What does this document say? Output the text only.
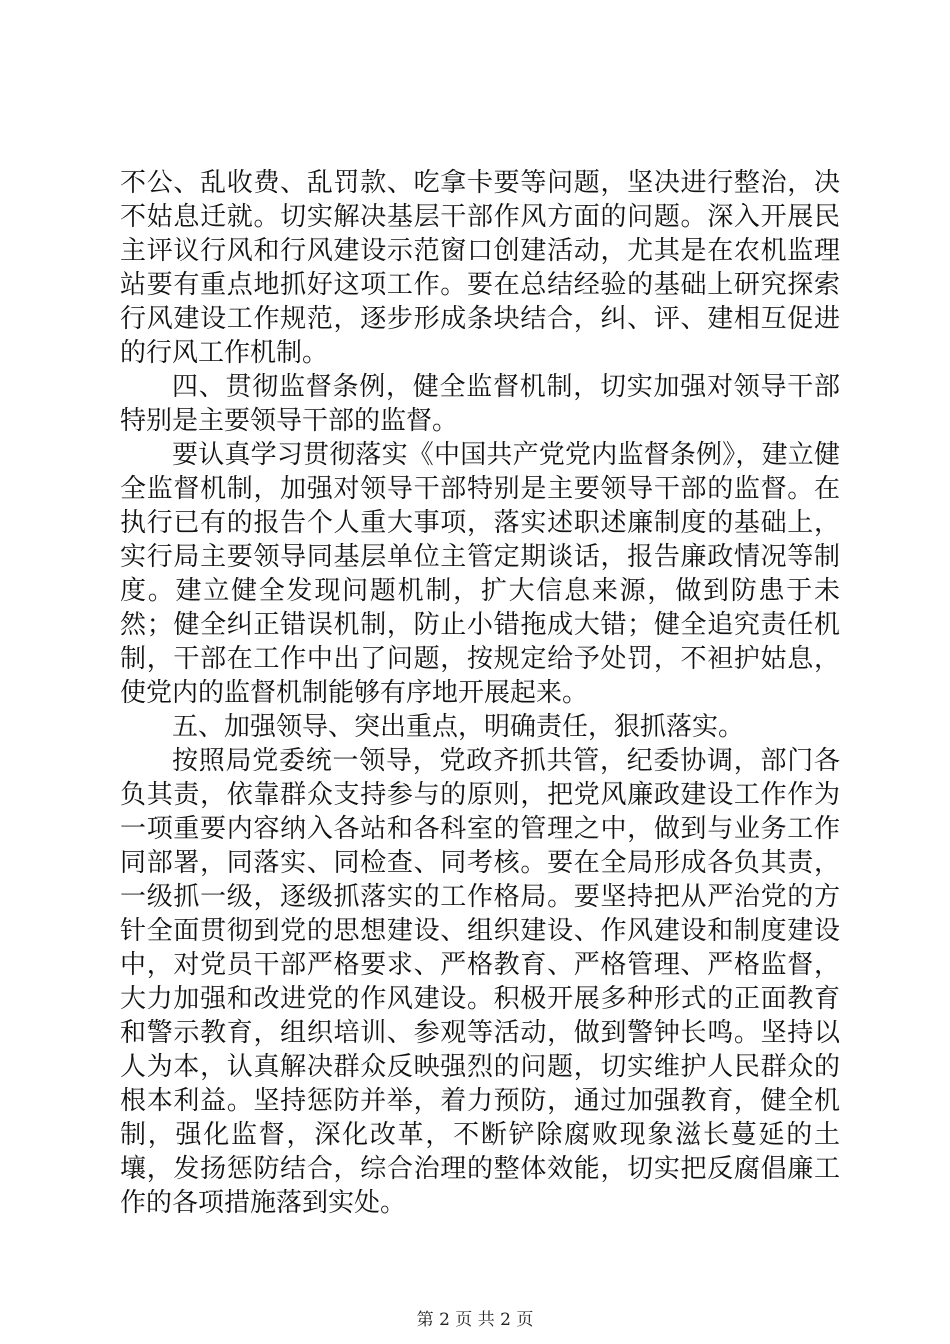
不公、乱收费、乱罚款、吃拿卡要等问题，坚决进行整治，决不姑息迁就。切实解决基层干部作风方面的问题。深入开展民主评议行风和行风建设示范窗口创建活动，尤其是在农机监理站要有重点地抓好这项工作。要在总结经验的基础上研究探索行风建设工作规范，逐步形成条块结合，纠、评、建相互促进的行风工作机制。

四、贯彻监督条例，健全监督机制，切实加强对领导干部特别是主要领导干部的监督。

要认真学习贯彻落实《中国共产党党内监督条例》，建立健全监督机制，加强对领导干部特别是主要领导干部的监督。在执行已有的报告个人重大事项，落实述职述廉制度的基础上，实行局主要领导同基层单位主管定期谈话，报告廉政情况等制度。建立健全发现问题机制，扩大信息来源，做到防患于未然；健全纠正错误机制，防止小错拖成大错；健全追究责任机制，干部在工作中出了问题，按规定给予处罚，不袒护姑息，使党内的监督机制能够有序地开展起来。

五、加强领导、突出重点，明确责任，狠抓落实。

按照局党委统一领导，党政齐抓共管，纪委协调，部门各负其责，依靠群众支持参与的原则，把党风廉政建设工作作为一项重要内容纳入各站和各科室的管理之中，做到与业务工作同部署，同落实、同检查、同考核。要在全局形成各负其责，一级抓一级，逐级抓落实的工作格局。要坚持把从严治党的方针全面贯彻到党的思想建设、组织建设、作风建设和制度建设中，对党员干部严格要求、严格教育、严格管理、严格监督，大力加强和改进党的作风建设。积极开展多种形式的正面教育和警示教育，组织培训、参观等活动，做到警钟长鸣。坚持以人为本，认真解决群众反映强烈的问题，切实维护人民群众的根本利益。坚持惩防并举，着力预防，通过加强教育，健全机制，强化监督，深化改革，不断铲除腐败现象滋长蔓延的土壤，发扬惩防结合，综合治理的整体效能，切实把反腐倡廉工作的各项措施落到实处。

第 2 页 共 2 页
